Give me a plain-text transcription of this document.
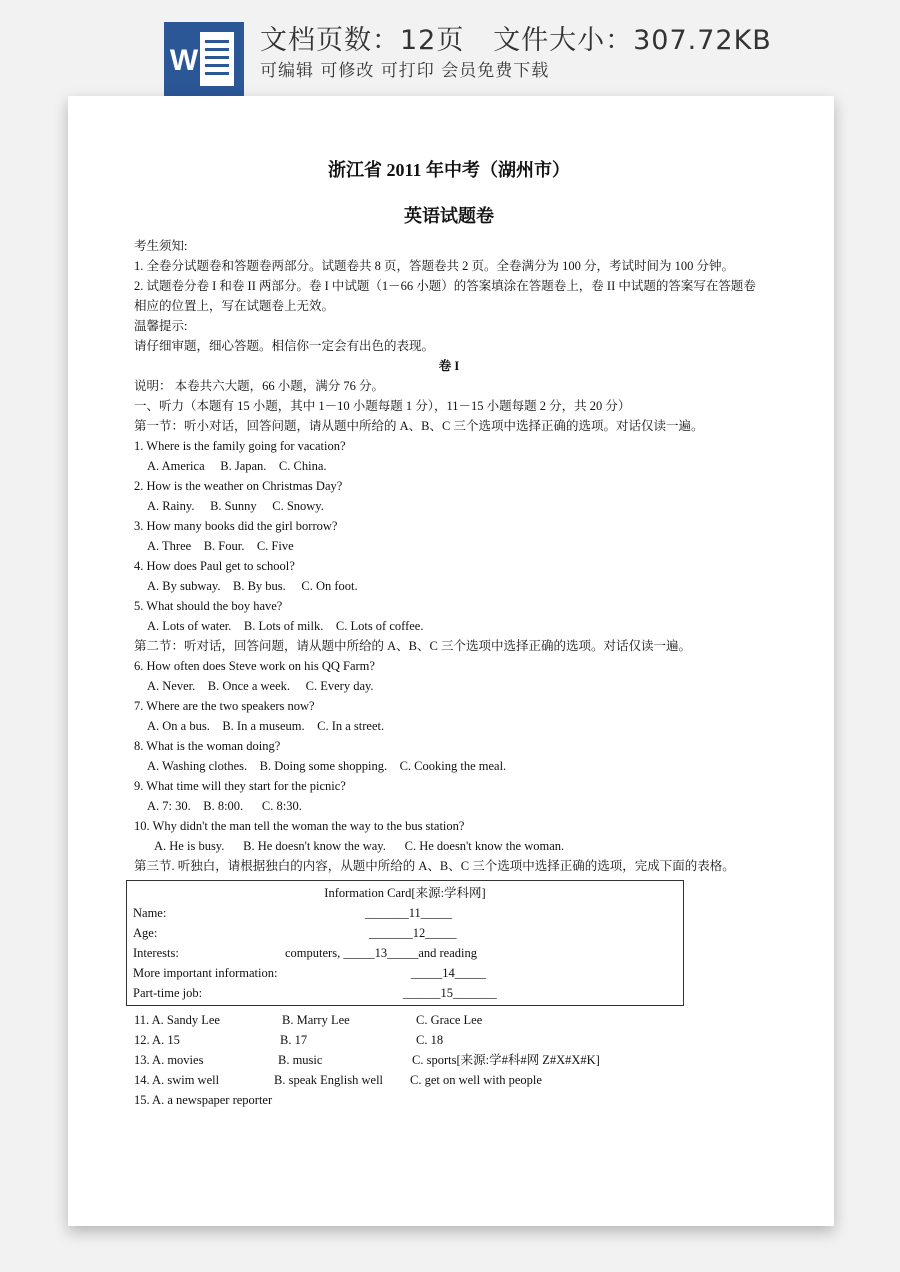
W
文档页数：12页   文件大小：307.72KB
可编辑 可修改 可打印 会员免费下载
浙江省 2011 年中考（湖州市）
英语试题卷
考生须知:
1. 全卷分试题卷和答题卷两部分。试题卷共 8 页，答题卷共 2 页。全卷满分为 100 分，考试时间为 100 分钟。
2. 试题卷分卷 I 和卷 II 两部分。卷 I 中试题（1－66 小题）的答案填涂在答题卷上，卷 II 中试题的答案写在答题卷相应的位置上，写在试题卷上无效。
温馨提示:
请仔细审题，细心答题。相信你一定会有出色的表现。
卷 I
说明： 本卷共六大题，66 小题，满分 76 分。
一、听力（本题有 15 小题，其中 1－10 小题每题 1 分），11－15 小题每题 2 分，共 20 分）
第一节：听小对话，回答问题，请从题中所给的 A、B、C 三个选项中选择正确的选项。对话仅读一遍。
1. Where is the family going for vacation?
A. America     B. Japan.    C. China.
2. How is the weather on Christmas Day?
A. Rainy.     B. Sunny     C. Snowy.
3. How many books did the girl borrow?
A. Three    B. Four.    C. Five
4. How does Paul get to school?
A. By subway.    B. By bus.     C. On foot.
5. What should the boy have?
A. Lots of water.    B. Lots of milk.    C. Lots of coffee.
第二节：听对话，回答问题，请从题中所给的 A、B、C 三个选项中选择正确的选项。对话仅读一遍。
6. How often does Steve work on his QQ Farm?
A. Never.    B. Once a week.     C. Every day.
7. Where are the two speakers now?
A. On a bus.    B. In a museum.    C. In a street.
8. What is the woman doing?
A. Washing clothes.    B. Doing some shopping.    C. Cooking the meal.
9. What time will they start for the picnic?
A. 7: 30.    B. 8:00.      C. 8:30.
10. Why didn't the man tell the woman the way to the bus station?
A. He is busy.      B. He doesn't know the way.      C. He doesn't know the woman.
第三节. 听独白，请根据独白的内容，从题中所给的 A、B、C 三个选项中选择正确的选项，完成下面的表格。
Information Card[来源:学科网]
Name:	_______11_____
Age:	_______12_____
Interests:	computers, _____13_____and reading
More important information:	_____14_____
Part-time job:	______15_______
11. A. Sandy Lee	B. Marry Lee	C. Grace Lee
12. A. 15	B. 17	C. 18
13. A. movies	B. music	C. sports[来源:学#科#网 Z#X#X#K]
14. A. swim well	B. speak English well C. get on well with people
15. A. a newspaper reporter
